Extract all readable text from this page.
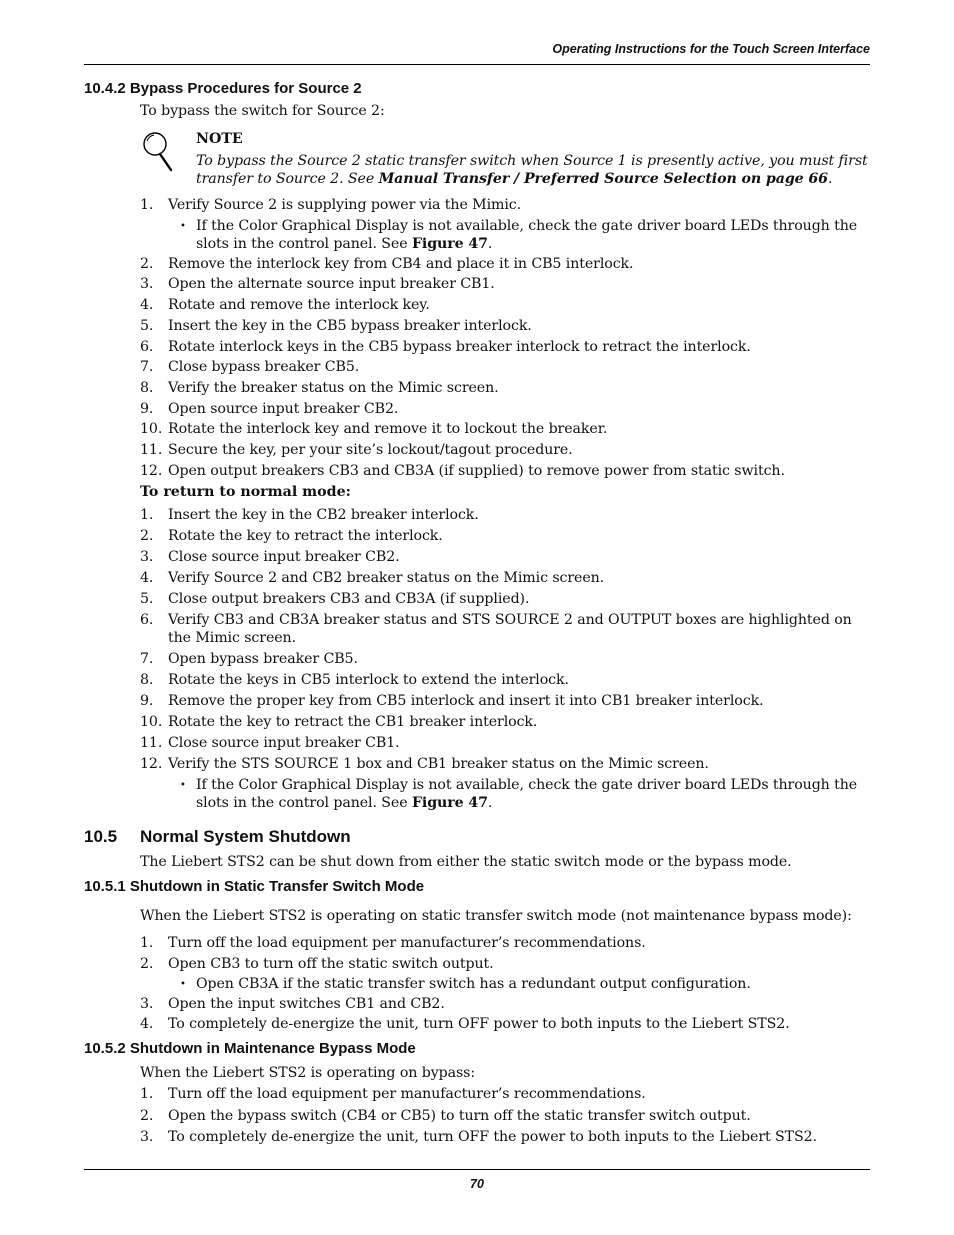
Operating Instructions for the Touch Screen Interface
10.4.2 Bypass Procedures for Source 2
To bypass the switch for Source 2:
NOTE
To bypass the Source 2 static transfer switch when Source 1 is presently active, you must first transfer to Source 2. See Manual Transfer / Preferred Source Selection on page 66.
1.	Verify Source 2 is supplying power via the Mimic.
• If the Color Graphical Display is not available, check the gate driver board LEDs through the slots in the control panel. See Figure 47.
2.	Remove the interlock key from CB4 and place it in CB5 interlock.
3.	Open the alternate source input breaker CB1.
4.	Rotate and remove the interlock key.
5.	Insert the key in the CB5 bypass breaker interlock.
6.	Rotate interlock keys in the CB5 bypass breaker interlock to retract the interlock.
7.	Close bypass breaker CB5.
8.	Verify the breaker status on the Mimic screen.
9.	Open source input breaker CB2.
10. Rotate the interlock key and remove it to lockout the breaker.
11. Secure the key, per your site’s lockout/tagout procedure.
12. Open output breakers CB3 and CB3A (if supplied) to remove power from static switch.
To return to normal mode:
1.	Insert the key in the CB2 breaker interlock.
2.	Rotate the key to retract the interlock.
3.	Close source input breaker CB2.
4.	Verify Source 2 and CB2 breaker status on the Mimic screen.
5.	Close output breakers CB3 and CB3A (if supplied).
6.	Verify CB3 and CB3A breaker status and STS SOURCE 2 and OUTPUT boxes are highlighted on the Mimic screen.
7.	Open bypass breaker CB5.
8.	Rotate the keys in CB5 interlock to extend the interlock.
9.	Remove the proper key from CB5 interlock and insert it into CB1 breaker interlock.
10. Rotate the key to retract the CB1 breaker interlock.
11. Close source input breaker CB1.
12. Verify the STS SOURCE 1 box and CB1 breaker status on the Mimic screen.
• If the Color Graphical Display is not available, check the gate driver board LEDs through the slots in the control panel. See Figure 47.
10.5 Normal System Shutdown
The Liebert STS2 can be shut down from either the static switch mode or the bypass mode.
10.5.1 Shutdown in Static Transfer Switch Mode
When the Liebert STS2 is operating on static transfer switch mode (not maintenance bypass mode):
1.	Turn off the load equipment per manufacturer’s recommendations.
2.	Open CB3 to turn off the static switch output.
• Open CB3A if the static transfer switch has a redundant output configuration.
3.	Open the input switches CB1 and CB2.
4.	To completely de-energize the unit, turn OFF power to both inputs to the Liebert STS2.
10.5.2 Shutdown in Maintenance Bypass Mode
When the Liebert STS2 is operating on bypass:
1.	Turn off the load equipment per manufacturer’s recommendations.
2.	Open the bypass switch (CB4 or CB5) to turn off the static transfer switch output.
3.	To completely de-energize the unit, turn OFF the power to both inputs to the Liebert STS2.
70
